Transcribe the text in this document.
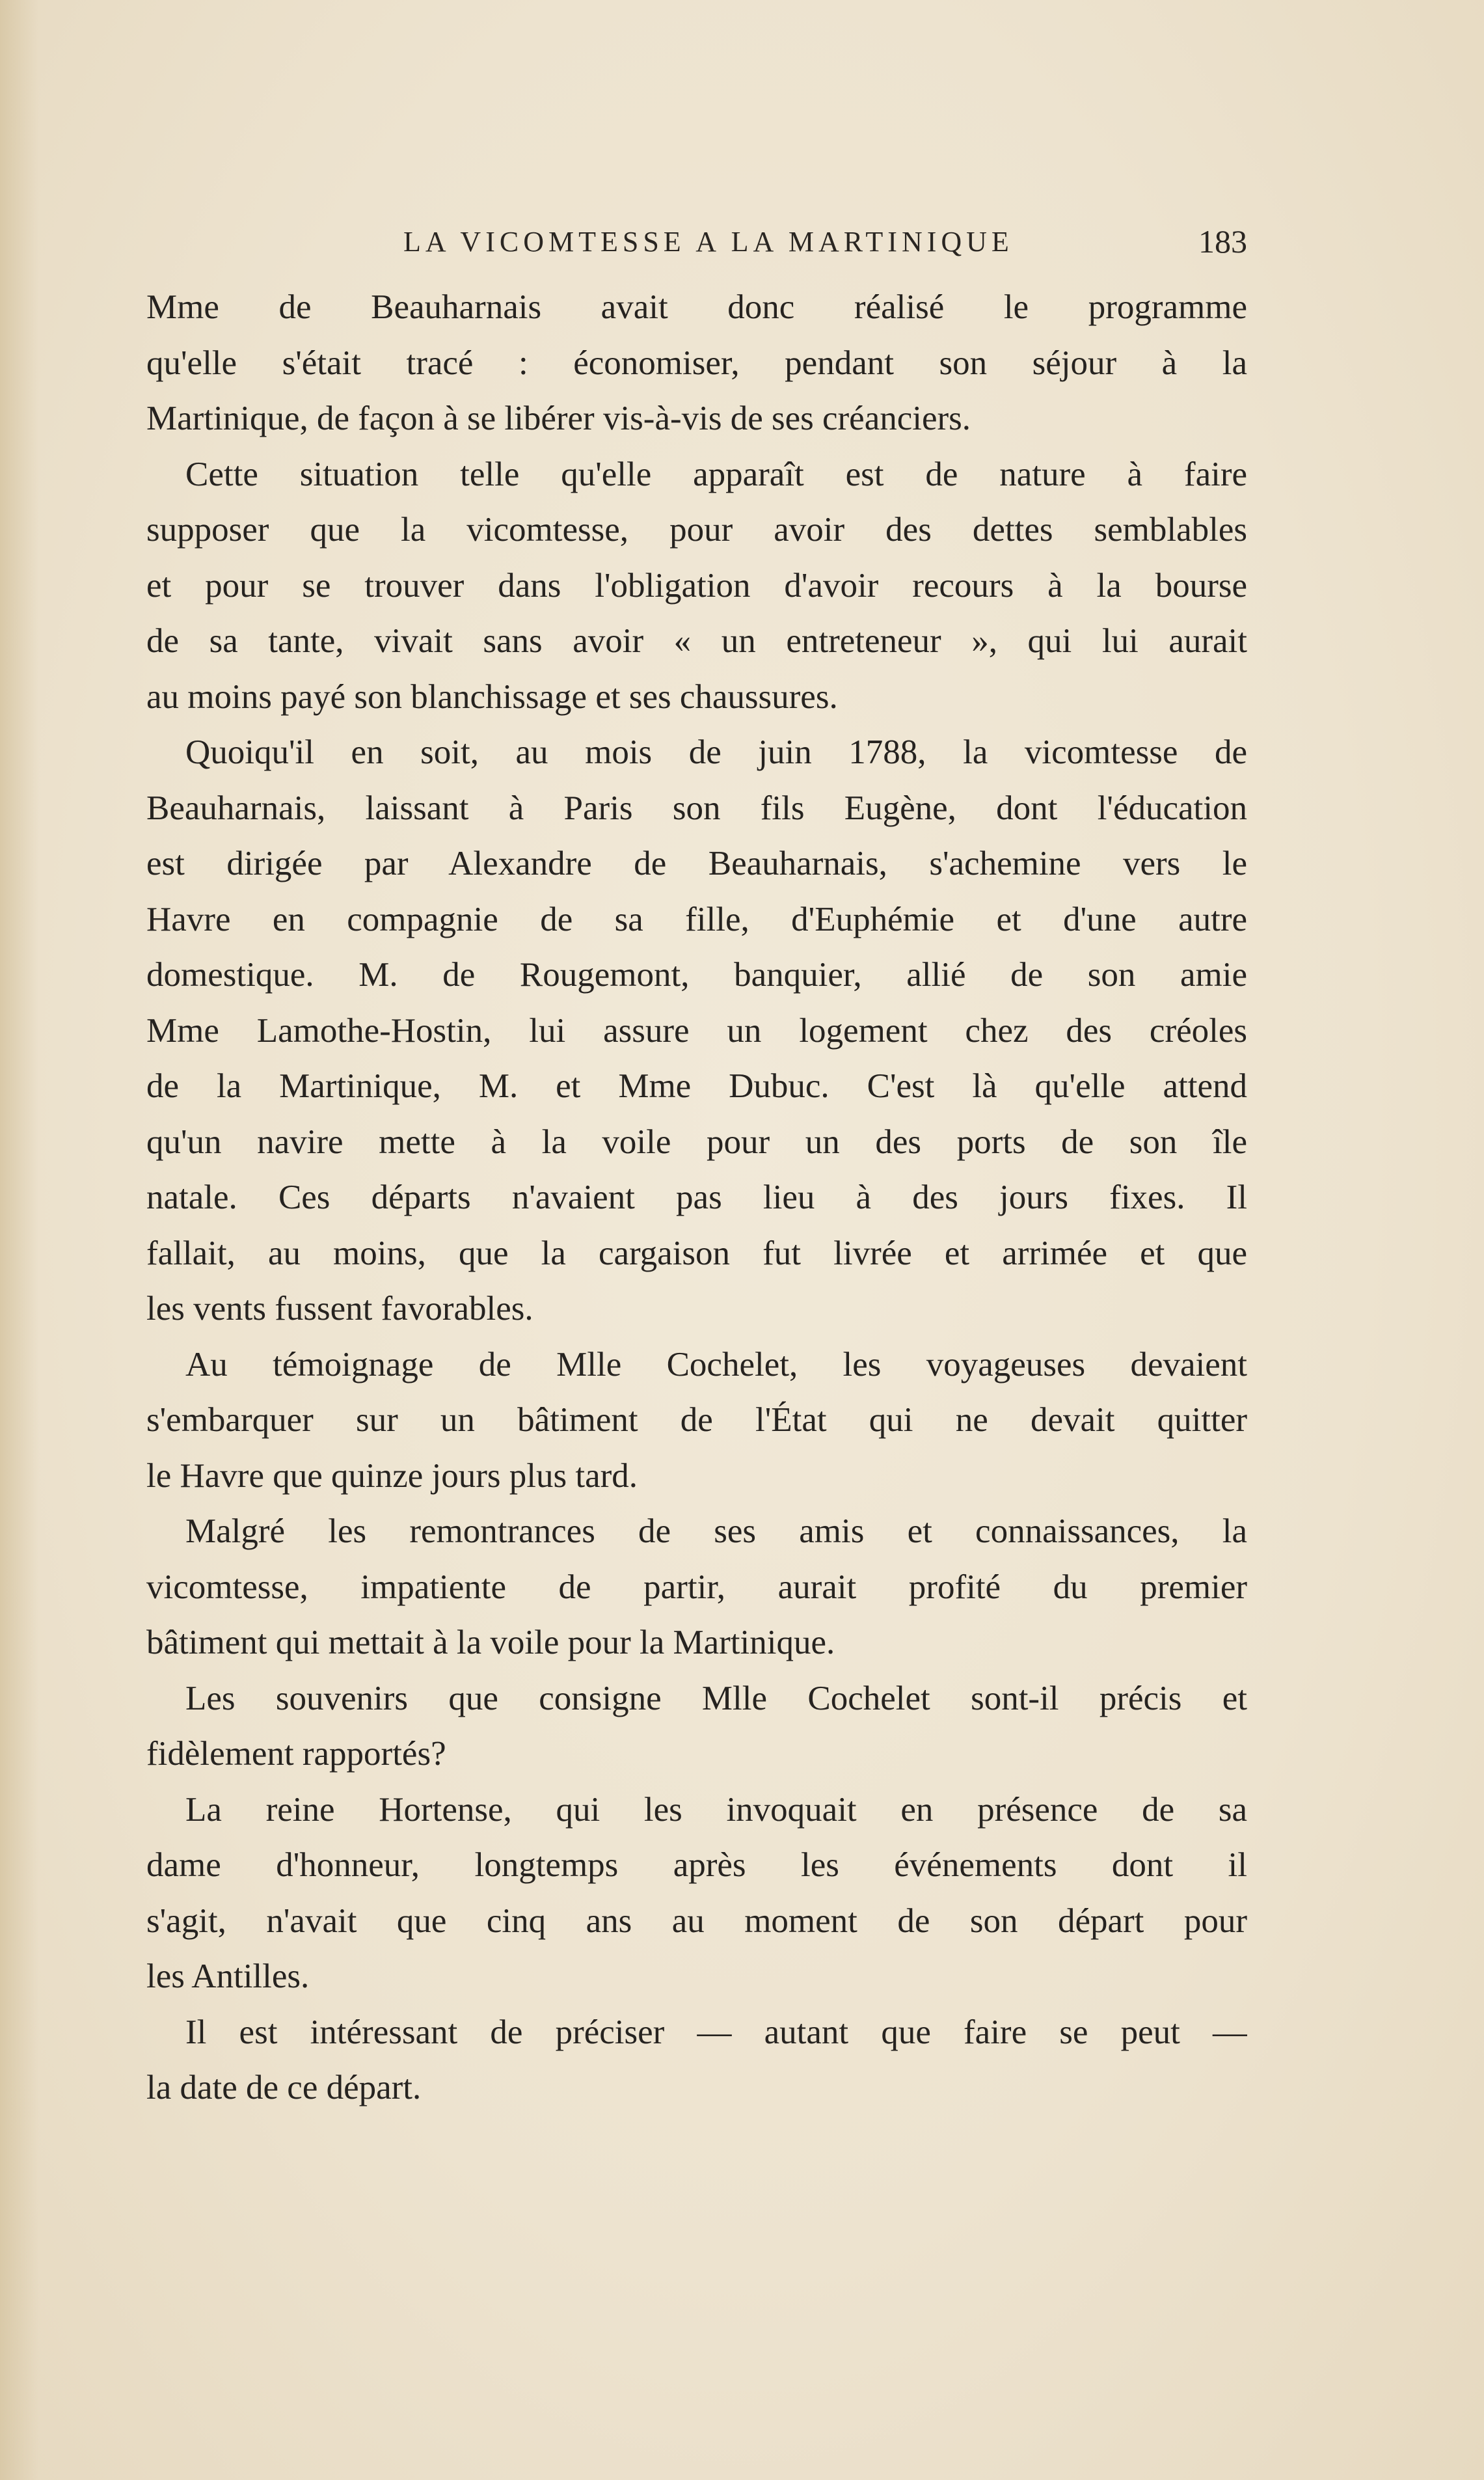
LA VICOMTESSE A LA MARTINIQUE	183
Mme de Beauharnais avait donc réalisé le programme
qu'elle s'était tracé : économiser, pendant son séjour à la
Martinique, de façon à se libérer vis-à-vis de ses créanciers.
Cette situation telle qu'elle apparaît est de nature à faire
supposer que la vicomtesse, pour avoir des dettes semblables
et pour se trouver dans l'obligation d'avoir recours à la bourse
de sa tante, vivait sans avoir « un entreteneur », qui lui aurait
au moins payé son blanchissage et ses chaussures.
Quoiqu'il en soit, au mois de juin 1788, la vicomtesse de
Beauharnais, laissant à Paris son fils Eugène, dont l'éducation
est dirigée par Alexandre de Beauharnais, s'achemine vers le
Havre en compagnie de sa fille, d'Euphémie et d'une autre
domestique. M. de Rougemont, banquier, allié de son amie
Mme Lamothe-Hostin, lui assure un logement chez des créoles
de la Martinique, M. et Mme Dubuc. C'est là qu'elle attend
qu'un navire mette à la voile pour un des ports de son île
natale. Ces départs n'avaient pas lieu à des jours fixes. Il
fallait, au moins, que la cargaison fut livrée et arrimée et que
les vents fussent favorables.
Au témoignage de Mlle Cochelet, les voyageuses devaient
s'embarquer sur un bâtiment de l'État qui ne devait quitter
le Havre que quinze jours plus tard.
Malgré les remontrances de ses amis et connaissances, la
vicomtesse, impatiente de partir, aurait profité du premier
bâtiment qui mettait à la voile pour la Martinique.
Les souvenirs que consigne Mlle Cochelet sont-il précis et
fidèlement rapportés?
La reine Hortense, qui les invoquait en présence de sa
dame d'honneur, longtemps après les événements dont il
s'agit, n'avait que cinq ans au moment de son départ pour
les Antilles.
Il est intéressant de préciser — autant que faire se peut —
la date de ce départ.
